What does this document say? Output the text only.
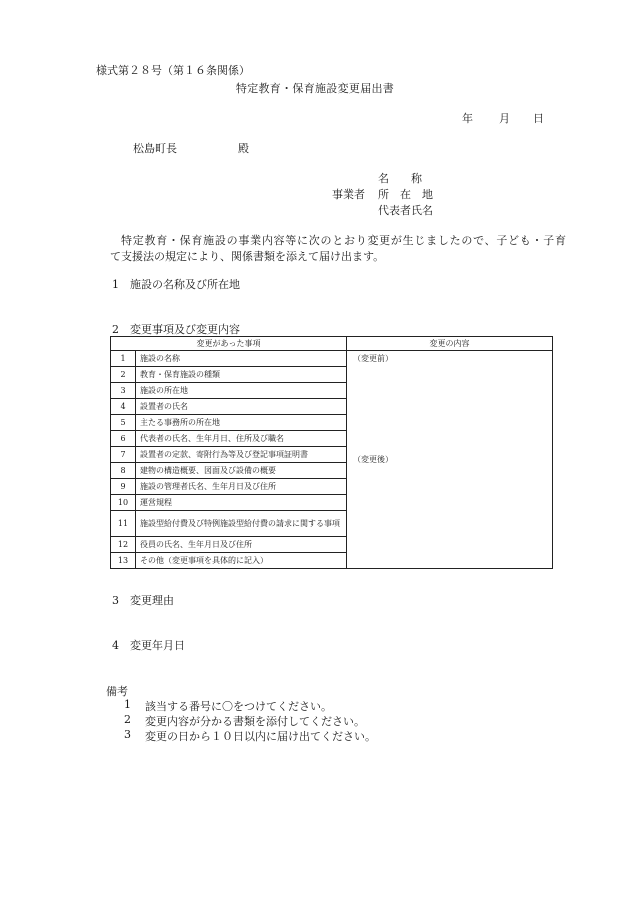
様式第２８号（第１６条関係）
特定教育・保育施設変更届出書
年 月 日
松島町長	殿
事業者
名　　称
所　在　地
代表者氏名
特定教育・保育施設の事業内容等に次のとおり変更が生じましたので、子ども・子育
て支援法の規定により、関係書類を添えて届け出ます。
1　施設の名称及び所在地
2　変更事項及び変更内容
変更があった事項		変更の内容
1	施設の名称	（変更前）
（変更後）

2	教育・保育施設の種類	
3	施設の所在地	
4	設置者の氏名	
5	主たる事務所の所在地	
6	代表者の氏名、生年月日、住所及び職名	
7	設置者の定款、寄附行為等及び登記事項証明書	
8	建物の構造概要、図面及び設備の概要	
9	施設の管理者氏名、生年月日及び住所	
10	運営規程	
11	施設型給付費及び特例施設型給付費の請求に関する事項	
12	役員の氏名、生年月日及び住所	
13	その他（変更事項を具体的に記入）	
3　変更理由
4　変更年月日
備考
1 該当する番号に〇をつけてください。
2 変更内容が分かる書類を添付してください。
3 変更の日から１０日以内に届け出てください。
